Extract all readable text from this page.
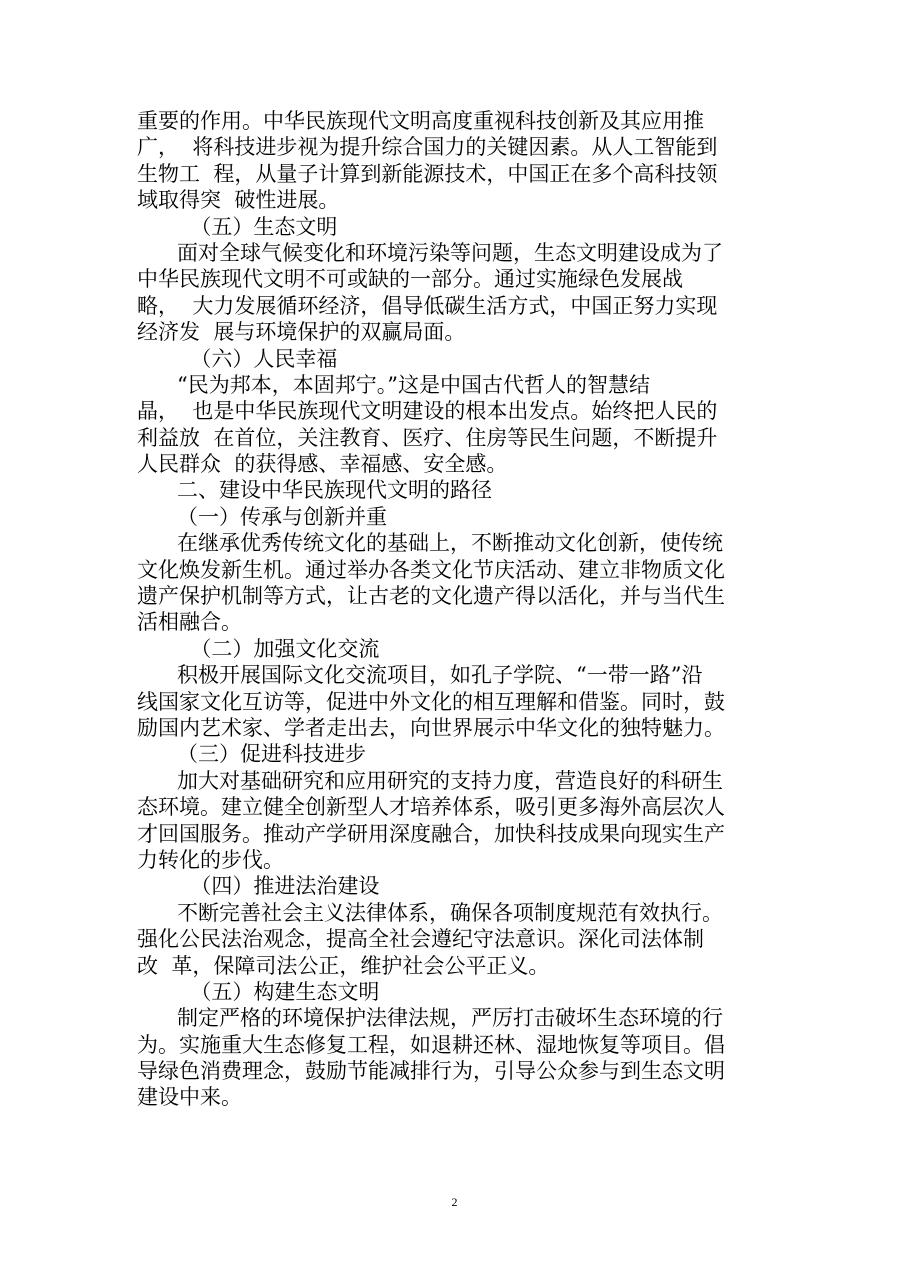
重要的作用。中华民族现代文明高度重视科技创新及其应用推
广，  将科技进步视为提升综合国力的关键因素。从人工智能到
生物工  程，从量子计算到新能源技术，中国正在多个高科技领
域取得突  破性进展。
（五）生态文明
面对全球气候变化和环境污染等问题，生态文明建设成为了
中华民族现代文明不可或缺的一部分。通过实施绿色发展战
略，  大力发展循环经济，倡导低碳生活方式，中国正努力实现
经济发  展与环境保护的双赢局面。
（六）人民幸福
“民为邦本，本固邦宁。”这是中国古代哲人的智慧结
晶，  也是中华民族现代文明建设的根本出发点。始终把人民的
利益放  在首位，关注教育、医疗、住房等民生问题，不断提升
人民群众  的获得感、幸福感、安全感。
二、建设中华民族现代文明的路径
（一）传承与创新并重
在继承优秀传统文化的基础上，不断推动文化创新，使传统
文化焕发新生机。通过举办各类文化节庆活动、建立非物质文化
遗产保护机制等方式，让古老的文化遗产得以活化，并与当代生
活相融合。
（二）加强文化交流
积极开展国际文化交流项目，如孔子学院、“一带一路”沿
线国家文化互访等，促进中外文化的相互理解和借鉴。同时，鼓
励国内艺术家、学者走出去，向世界展示中华文化的独特魅力。
（三）促进科技进步
加大对基础研究和应用研究的支持力度，营造良好的科研生
态环境。建立健全创新型人才培养体系，吸引更多海外高层次人
才回国服务。推动产学研用深度融合，加快科技成果向现实生产
力转化的步伐。
（四）推进法治建设
不断完善社会主义法律体系，确保各项制度规范有效执行。
强化公民法治观念，提高全社会遵纪守法意识。深化司法体制
改  革，保障司法公正，维护社会公平正义。
（五）构建生态文明
制定严格的环境保护法律法规，严厉打击破坏生态环境的行
为。实施重大生态修复工程，如退耕还林、湿地恢复等项目。倡
导绿色消费理念，鼓励节能减排行为，引导公众参与到生态文明
建设中来。
2
